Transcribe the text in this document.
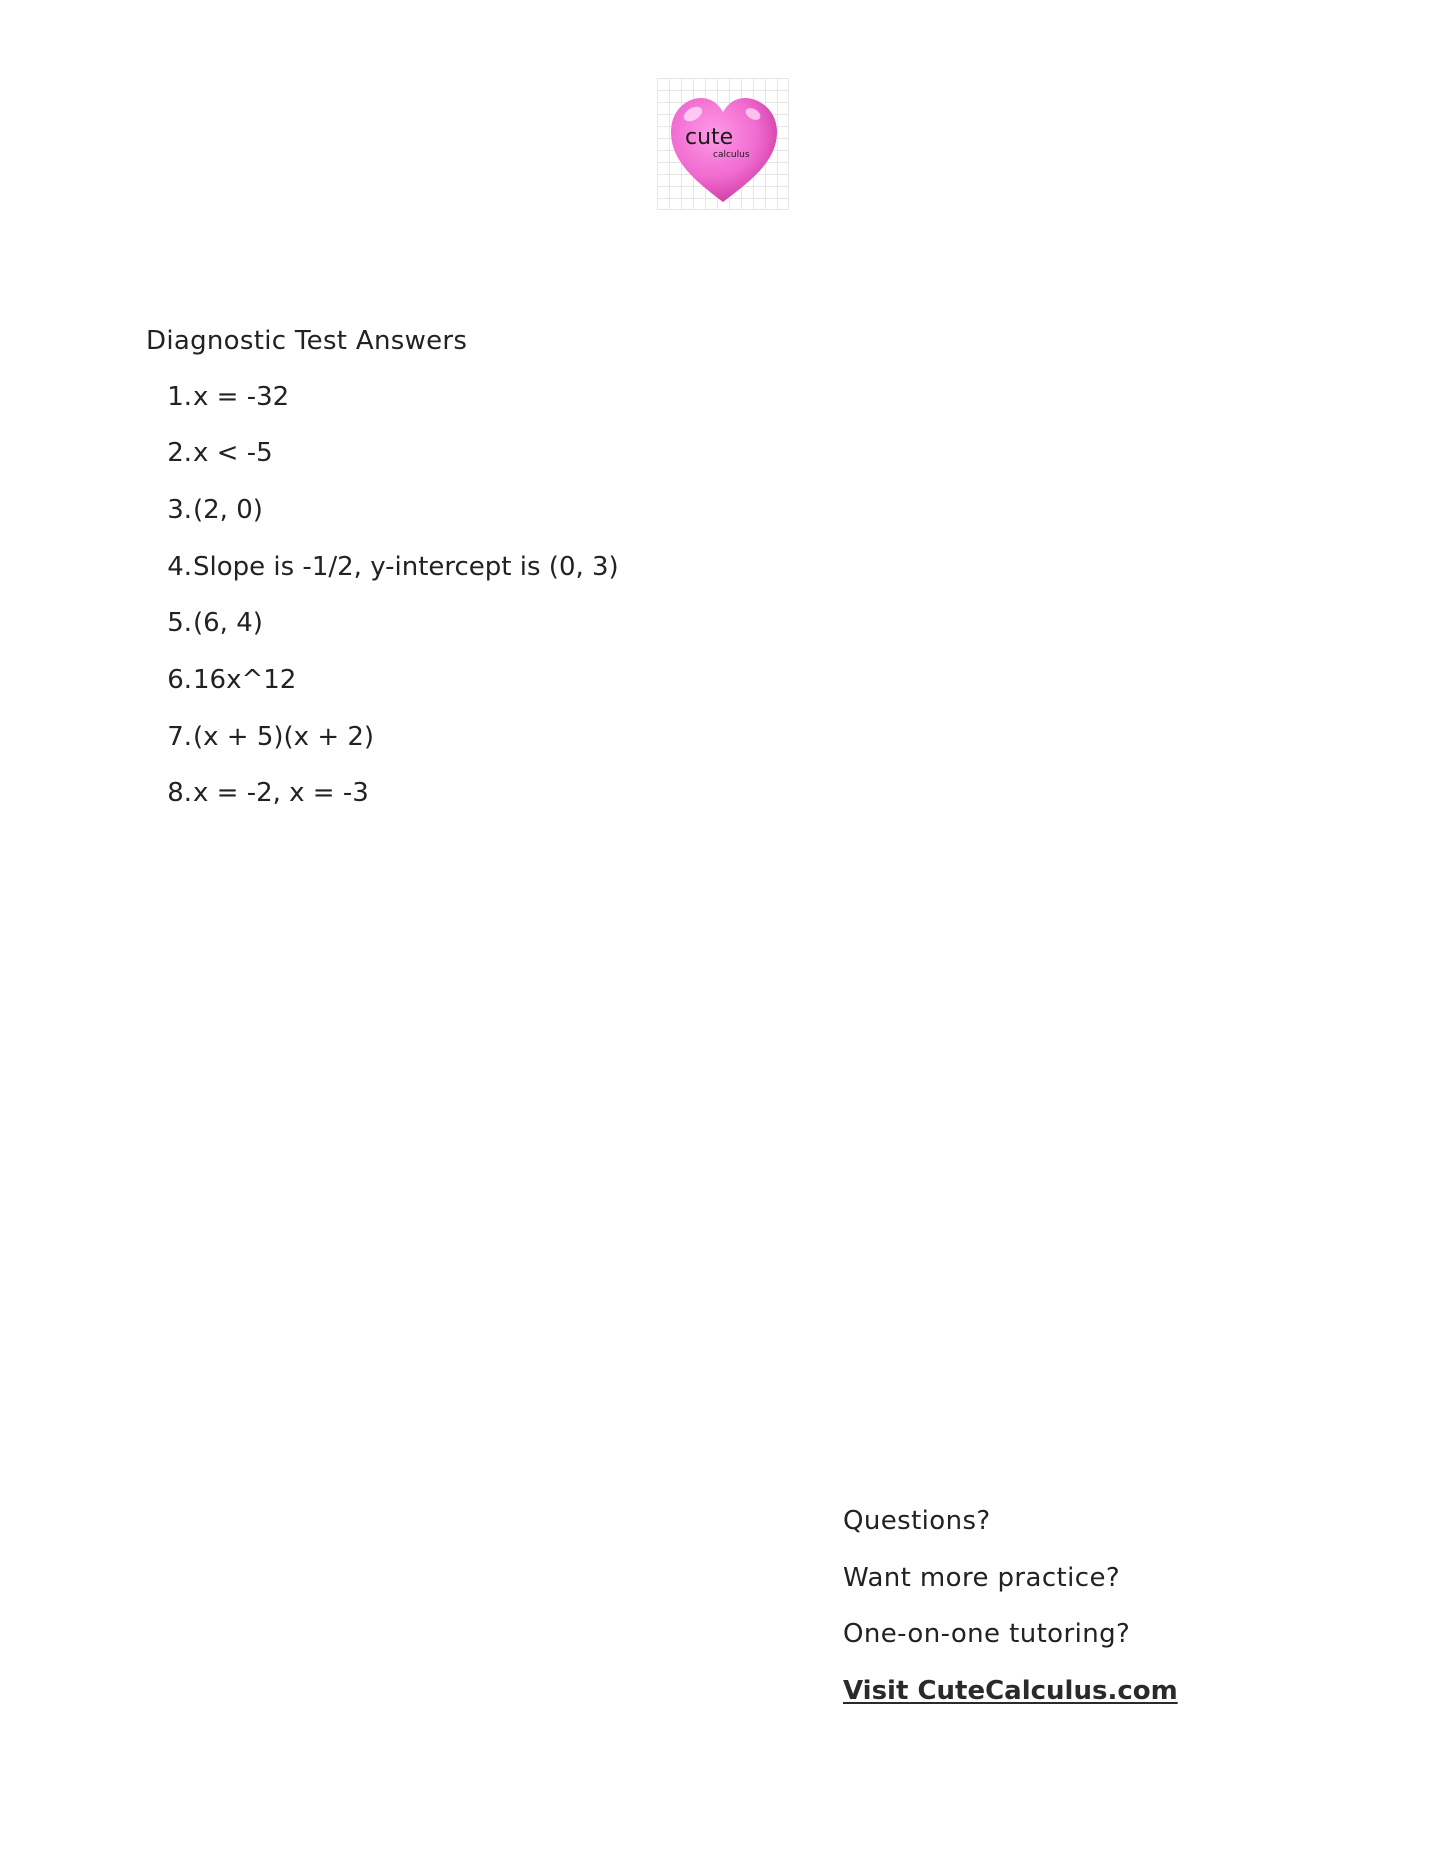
cute
calculus
Diagnostic Test Answers
1. x = -32
2. x < -5
3. (2, 0)
4. Slope is -1/2, y-intercept is (0, 3)
5. (6, 4)
6. 16x^12
7. (x + 5)(x + 2)
8. x = -2, x = -3
Questions?
Want more practice?
One-on-one tutoring?
Visit CuteCalculus.com
